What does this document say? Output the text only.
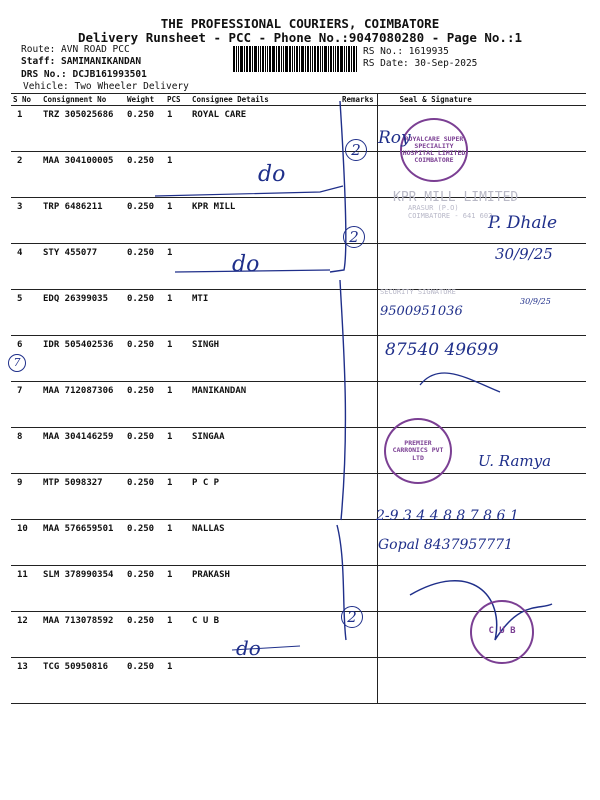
THE PROFESSIONAL COURIERS, COIMBATORE
Delivery Runsheet - PCC - Phone No.:9047080280 - Page No.:1
Route: AVN ROAD PCC
Staff: SAMIMANIKANDAN
DRS No.: DCJB161993501
Vehicle: Two Wheeler Delivery
RS No.: 1619935
RS Date: 30-Sep-2025
S No	Consignment No	Weight	PCS	Consignee Details	Remarks	Seal & Signature
1	TRZ 305025686	0.250	1	ROYAL CARE		
2	MAA 304100005	0.250	1			
3	TRP 6486211	0.250	1	KPR MILL		
4	STY 455077	0.250	1			
5	EDQ 26399035	0.250	1	MTI		
6	IDR 505402536	0.250	1	SINGH		
7	MAA 712087306	0.250	1	MANIKANDAN		
8	MAA 304146259	0.250	1	SINGAA		
9	MTP 5098327	0.250	1	P C P		
10	MAA 576659501	0.250	1	NALLAS		
11	SLM 378990354	0.250	1	PRAKASH		
12	MAA 713078592	0.250	1	C U B		
13	TCG 50950816	0.250	1			
do
do
do
2
2
2
7
ROYALCARE SUPER SPECIALITY HOSPITAL LIMITED COIMBATORE
Roy
KPR MILL LIMITED
ARASUR (P.O)
COIMBATORE - 641 602
P. Dhale
30/9/25
SECURITY SIGNATURE
9500951036
30/9/25
87540 49699
PREMIER CARRONICS PVT LTD	U. Ramya
2-9 3 4 4 8 8 7 8 6 1
Gopal 8437957771
C U B
